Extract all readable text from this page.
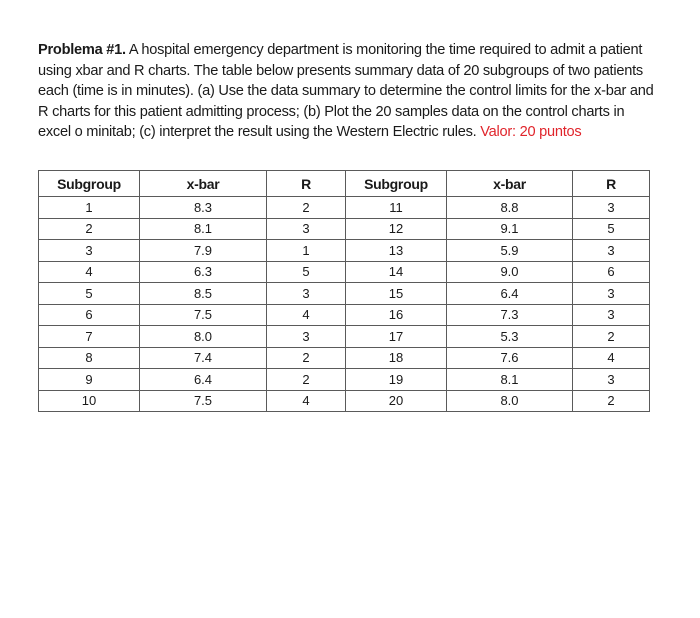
Problema #1. A hospital emergency department is monitoring the time required to admit a patient using xbar and R charts. The table below presents summary data of 20 subgroups of two patients each (time is in minutes). (a) Use the data summary to determine the control limits for the x-bar and R charts for this patient admitting process; (b) Plot the 20 samples data on the control charts in excel o minitab; (c) interpret the result using the Western Electric rules. Valor: 20 puntos
Subgroup	x-bar	R	Subgroup	x-bar	R
1	8.3	2	11	8.8	3
2	8.1	3	12	9.1	5
3	7.9	1	13	5.9	3
4	6.3	5	14	9.0	6
5	8.5	3	15	6.4	3
6	7.5	4	16	7.3	3
7	8.0	3	17	5.3	2
8	7.4	2	18	7.6	4
9	6.4	2	19	8.1	3
10	7.5	4	20	8.0	2
